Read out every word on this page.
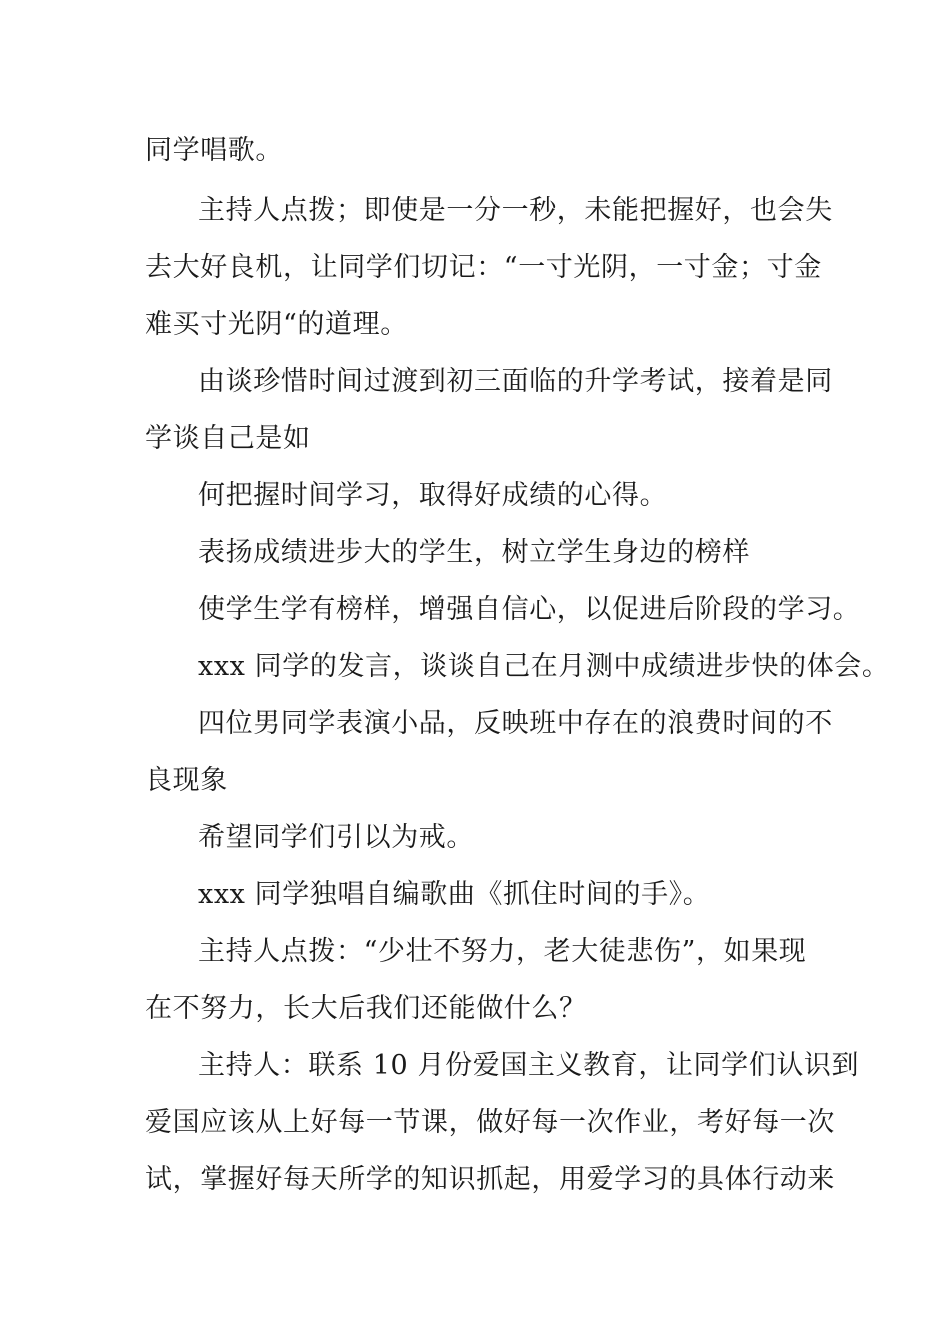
同学唱歌。

主持人点拨；即使是一分一秒，未能把握好，也会失

去大好良机，让同学们切记：“一寸光阴，一寸金；寸金

难买寸光阴“的道理。

由谈珍惜时间过渡到初三面临的升学考试，接着是同

学谈自己是如

何把握时间学习，取得好成绩的心得。

表扬成绩进步大的学生，树立学生身边的榜样

使学生学有榜样，增强自信心，以促进后阶段的学习。

xxx 同学的发言，谈谈自己在月测中成绩进步快的体会。

四位男同学表演小品，反映班中存在的浪费时间的不

良现象

希望同学们引以为戒。

xxx 同学独唱自编歌曲《抓住时间的手》。

主持人点拨：“少壮不努力，老大徒悲伤”，如果现

在不努力，长大后我们还能做什么？

主持人：联系 10 月份爱国主义教育，让同学们认识到

爱国应该从上好每一节课，做好每一次作业，考好每一次

试，掌握好每天所学的知识抓起，用爱学习的具体行动来
